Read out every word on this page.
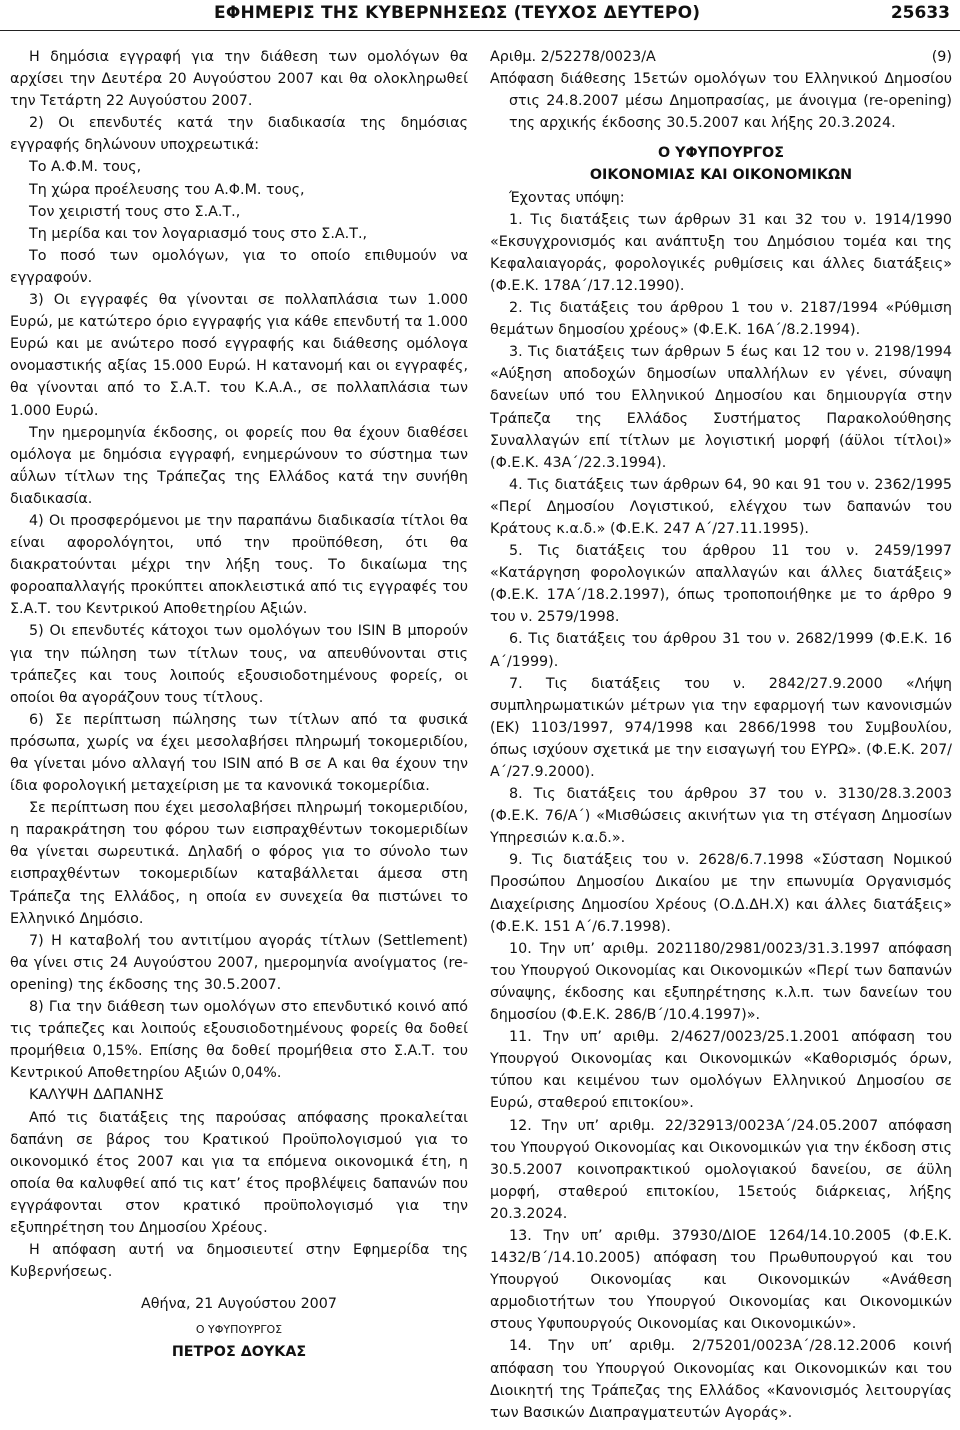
ΕΦΗΜΕΡΙΣ ΤΗΣ ΚΥΒΕΡΝΗΣΕΩΣ (ΤΕΥΧΟΣ ΔΕΥΤΕΡΟ)	25633

Η δημόσια εγγραφή για την διάθεση των ομολόγων θα αρχίσει την Δευτέρα 20 Αυγούστου 2007 και θα ολοκληρωθεί την Τετάρτη 22 Αυγούστου 2007.

2) Οι επενδυτές κατά την διαδικασία της δημόσιας εγγραφής δηλώνουν υποχρεωτικά:

Το Α.Φ.Μ. τους,

Τη χώρα προέλευσης του Α.Φ.Μ. τους,

Τον χειριστή τους στο Σ.Α.Τ.,

Τη μερίδα και τον λογαριασμό τους στο Σ.Α.Τ.,

Το ποσό των ομολόγων, για το οποίο επιθυμούν να εγγραφούν.

3) Οι εγγραφές θα γίνονται σε πολλαπλάσια των 1.000 Ευρώ, με κατώτερο όριο εγγραφής για κάθε επενδυτή τα 1.000 Ευρώ και με ανώτερο ποσό εγγραφής και διάθεσης ομόλογα ονομαστικής αξίας 15.000 Ευρώ. Η κατανομή και οι εγγραφές, θα γίνονται από το Σ.Α.Τ. του Κ.Α.Α., σε πολλαπλάσια των 1.000 Ευρώ.

Την ημερομηνία έκδοσης, οι φορείς που θα έχουν διαθέσει ομόλογα με δημόσια εγγραφή, ενημερώνουν το σύστημα των αΰλων τίτλων της Τράπεζας της Ελλάδος κατά την συνήθη διαδικασία.

4) Οι προσφερόμενοι με την παραπάνω διαδικασία τίτλοι θα είναι αφορολόγητοι, υπό την προϋπόθεση, ότι θα διακρατούνται μέχρι την λήξη τους. Το δικαίωμα της φοροαπαλλαγής προκύπτει αποκλειστικά από τις εγγραφές του Σ.Α.Τ. του Κεντρικού Αποθετηρίου Αξιών.

5) Οι επενδυτές κάτοχοι των ομολόγων του ISIN B μπορούν για την πώληση των τίτλων τους, να απευθύνονται στις τράπεζες και τους λοιπούς εξουσιοδοτημένους φορείς, οι οποίοι θα αγοράζουν τους τίτλους.

6) Σε περίπτωση πώλησης των τίτλων από τα φυσικά πρόσωπα, χωρίς να έχει μεσολαβήσει πληρωμή τοκομεριδίου, θα γίνεται μόνο αλλαγή του ISIN από B σε A και θα έχουν την ίδια φορολογική μεταχείριση με τα κανονικά τοκομερίδια.

Σε περίπτωση που έχει μεσολαβήσει πληρωμή τοκομεριδίου, η παρακράτηση του φόρου των εισπραχθέντων τοκομεριδίων θα γίνεται σωρευτικά. Δηλαδή ο φόρος για το σύνολο των εισπραχθέντων τοκομεριδίων καταβάλλεται άμεσα στη Τράπεζα της Ελλάδος, η οποία εν συνεχεία θα πιστώνει το Ελληνικό Δημόσιο.

7) Η καταβολή του αντιτίμου αγοράς τίτλων (Settlement) θα γίνει στις 24 Αυγούστου 2007, ημερομηνία ανοίγματος (re-opening) της έκδοσης της 30.5.2007.

8) Για την διάθεση των ομολόγων στο επενδυτικό κοινό από τις τράπεζες και λοιπούς εξουσιοδοτημένους φορείς θα δοθεί προμήθεια 0,15%. Επίσης θα δοθεί προμήθεια στο Σ.Α.Τ. του Κεντρικού Αποθετηρίου Αξιών 0,04%.

ΚΑΛΥΨΗ ΔΑΠΑΝΗΣ

Από τις διατάξεις της παρούσας απόφασης προκαλείται δαπάνη σε βάρος του Κρατικού Προϋπολογισμού για το οικονομικό έτος 2007 και για τα επόμενα οικονομικά έτη, η οποία θα καλυφθεί από τις κατ’ έτος προβλέψεις δαπανών που εγγράφονται στον κρατικό προϋπολογισμό για την εξυπηρέτηση του Δημοσίου Χρέους.

Η απόφαση αυτή να δημοσιευτεί στην Εφημερίδα της Κυβερνήσεως.

Αθήνα, 21 Αυγούστου 2007

Ο ΥΦΥΠΟΥΡΓΟΣ

ΠΕΤΡΟΣ ΔΟΥΚΑΣ

Αριθμ. 2/52278/0023/Α	(9)

Απόφαση διάθεσης 15ετών ομολόγων του Ελληνικού Δημοσίου στις 24.8.2007 μέσω Δημοπρασίας, με άνοιγμα (re-opening) της αρχικής έκδοσης 30.5.2007 και λήξης 20.3.2024.

Ο ΥΦΥΠΟΥΡΓΟΣ

ΟΙΚΟΝΟΜΙΑΣ ΚΑΙ ΟΙΚΟΝΟΜΙΚΩΝ

Έχοντας υπόψη:

1. Τις διατάξεις των άρθρων 31 και 32 του ν. 1914/1990 «Εκσυγχρονισμός και ανάπτυξη του Δημόσιου τομέα και της Κεφαλαιαγοράς, φορολογικές ρυθμίσεις και άλλες διατάξεις» (Φ.Ε.Κ. 178Α΄/17.12.1990).

2. Τις διατάξεις του άρθρου 1 του ν. 2187/1994 «Ρύθμιση θεμάτων δημοσίου χρέους» (Φ.Ε.Κ. 16Α΄/8.2.1994).

3. Τις διατάξεις των άρθρων 5 έως και 12 του ν. 2198/1994 «Αύξηση αποδοχών δημοσίων υπαλλήλων εν γένει, σύναψη δανείων υπό του Ελληνικού Δημοσίου και δημιουργία στην Τράπεζα της Ελλάδος Συστήματος Παρακολούθησης Συναλλαγών επί τίτλων με λογιστική μορφή (άϋλοι τίτλοι)» (Φ.Ε.Κ. 43Α΄/22.3.1994).

4. Τις διατάξεις των άρθρων 64, 90 και 91 του ν. 2362/1995 «Περί Δημοσίου Λογιστικού, ελέγχου των δαπανών του Κράτους κ.α.δ.» (Φ.Ε.Κ. 247 Α΄/27.11.1995).

5. Τις διατάξεις του άρθρου 11 του ν. 2459/1997 «Κατάργηση φορολογικών απαλλαγών και άλλες διατάξεις» (Φ.Ε.Κ. 17Α΄/18.2.1997), όπως τροποποιήθηκε με το άρθρο 9 του ν. 2579/1998.

6. Τις διατάξεις του άρθρου 31 του ν. 2682/1999 (Φ.Ε.Κ. 16 Α΄/1999).

7. Τις διατάξεις του ν. 2842/27.9.2000 «Λήψη συμπληρωματικών μέτρων για την εφαρμογή των κανονισμών (ΕΚ) 1103/1997, 974/1998 και 2866/1998 του Συμβουλίου, όπως ισχύουν σχετικά με την εισαγωγή του ΕΥΡΩ». (Φ.Ε.Κ. 207/Α΄/27.9.2000).

8. Τις διατάξεις του άρθρου 37 του ν. 3130/28.3.2003 (Φ.Ε.Κ. 76/Α΄) «Μισθώσεις ακινήτων για τη στέγαση Δημοσίων Υπηρεσιών κ.α.δ.».

9. Τις διατάξεις του ν. 2628/6.7.1998 «Σύσταση Νομικού Προσώπου Δημοσίου Δικαίου με την επωνυμία Οργανισμός Διαχείρισης Δημοσίου Χρέους (Ο.Δ.ΔΗ.Χ) και άλλες διατάξεις» (Φ.Ε.Κ. 151 Α΄/6.7.1998).

10. Την υπ’ αριθμ. 2021180/2981/0023/31.3.1997 απόφαση του Υπουργού Οικονομίας και Οικονομικών «Περί των δαπανών σύναψης, έκδοσης και εξυπηρέτησης κ.λ.π. των δανείων του δημοσίου (Φ.Ε.Κ. 286/Β΄/10.4.1997)».

11. Την υπ’ αριθμ. 2/4627/0023/25.1.2001 απόφαση του Υπουργού Οικονομίας και Οικονομικών «Καθορισμός όρων, τύπου και κειμένου των ομολόγων Ελληνικού Δημοσίου σε Ευρώ, σταθερού επιτοκίου».

12. Την υπ’ αριθμ. 22/32913/0023Α΄/24.05.2007 απόφαση του Υπουργού Οικονομίας και Οικονομικών για την έκδοση στις 30.5.2007 κοινοπρακτικού ομολογιακού δανείου, σε άϋλη μορφή, σταθερού επιτοκίου, 15ετούς διάρκειας, λήξης 20.3.2024.

13. Την υπ’ αριθμ. 37930/ΔΙΟΕ 1264/14.10.2005 (Φ.Ε.Κ. 1432/Β΄/14.10.2005) απόφαση του Πρωθυπουργού και του Υπουργού Οικονομίας και Οικονομικών «Ανάθεση αρμοδιοτήτων του Υπουργού Οικονομίας και Οικονομικών στους Υφυπουργούς Οικονομίας και Οικονομικών».

14. Την υπ’ αριθμ. 2/75201/0023Α΄/28.12.2006 κοινή απόφαση του Υπουργού Οικονομίας και Οικονομικών και του Διοικητή της Τράπεζας της Ελλάδος «Κανονισμός λειτουργίας των Βασικών Διαπραγματευτών Αγοράς».
